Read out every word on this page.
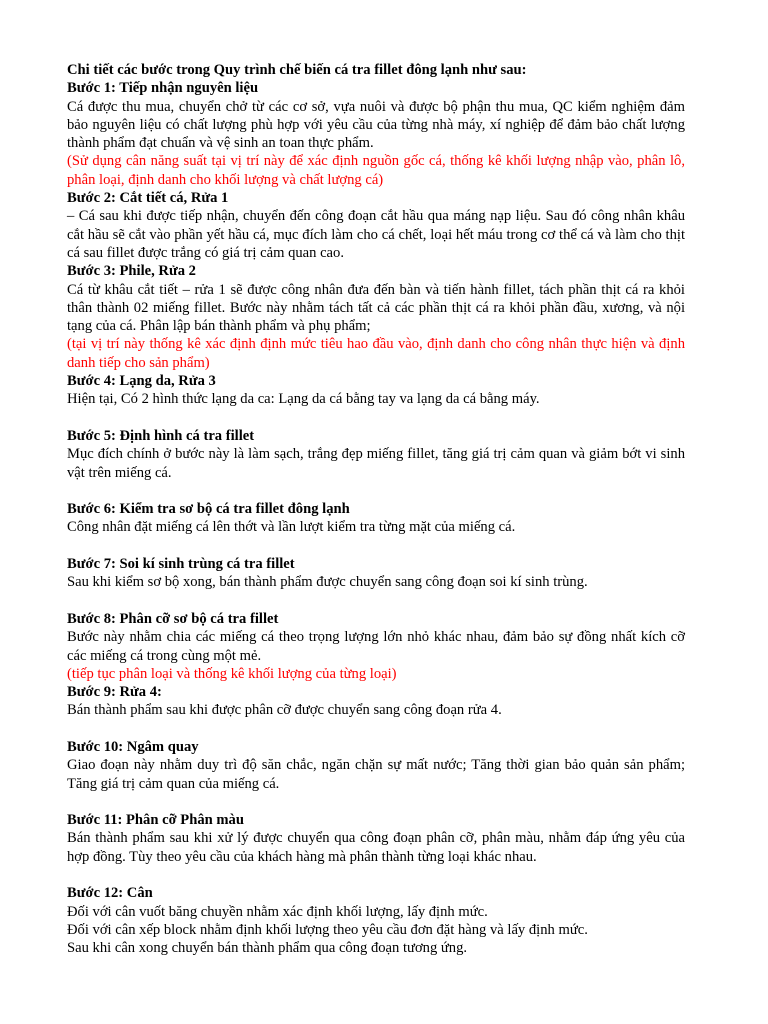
Chi tiết các bước trong Quy trình chế biến cá tra fillet đông lạnh như sau:

Bước 1: Tiếp nhận nguyên liệu

Cá được thu mua, chuyển chở từ các cơ sở, vựa nuôi và được bộ phận thu mua, QC kiểm nghiệm đảm bảo nguyên liệu có chất lượng phù hợp với yêu cầu của từng nhà máy, xí nghiệp để đảm bảo chất lượng thành phẩm đạt chuẩn và vệ sinh an toan thực phẩm.

(Sử dụng cân năng suất tại vị trí này để xác định nguồn gốc cá, thống kê khối lượng nhập vào, phân lô, phân loại, định danh cho khối lượng và chất lượng cá)

Bước 2: Cắt tiết cá, Rửa 1

– Cá sau khi được tiếp nhận, chuyển đến công đoạn cắt hầu qua máng nạp liệu. Sau đó công nhân khâu cắt hầu sẽ cắt vào phần yết hầu cá, mục đích làm cho cá chết, loại hết máu trong cơ thể cá và làm cho thịt cá sau fillet được trắng có giá trị cảm quan cao.

Bước 3: Phile, Rửa 2

Cá từ khâu cắt tiết – rửa 1 sẽ được công nhân đưa đến bàn và tiến hành fillet, tách phần thịt cá ra khỏi thân thành 02 miếng fillet. Bước này nhằm tách tất cả các phần thịt cá ra khỏi phần đầu, xương, và nội tạng của cá. Phân lập bán thành phẩm và phụ phẩm;

(tại vị trí này thống kê xác định định mức tiêu hao đầu vào, định danh cho công nhân thực hiện và định danh tiếp cho sản phẩm)

Bước 4: Lạng da, Rửa 3

Hiện tại, Có 2 hình thức lạng da ca: Lạng da cá bằng tay va lạng da cá bằng máy.

Bước 5: Định hình cá tra fillet

Mục đích chính ở bước này là làm sạch, trắng đẹp miếng fillet, tăng giá trị cảm quan và giảm bớt vi sinh vật trên miếng cá.

Bước 6: Kiểm tra sơ bộ cá tra fillet đông lạnh

Công nhân đặt miếng cá lên thớt và lần lượt kiểm tra từng mặt của miếng cá.

Bước 7: Soi kí sinh trùng cá tra fillet

Sau khi kiểm sơ bộ xong, bán thành phẩm được chuyển sang công đoạn soi kí sinh trùng.

Bước 8: Phân cỡ sơ bộ cá tra fillet

Bước này nhằm chia các miếng cá theo trọng lượng lớn nhỏ khác nhau, đảm bảo sự đồng nhất kích cỡ các miếng cá trong cùng một mẻ.

(tiếp tục phân loại và thống kê khối lượng của từng loại)

Bước 9: Rửa 4:

Bán thành phẩm sau khi được phân cỡ được chuyển sang công đoạn rửa 4.

Bước 10: Ngâm quay

Giao đoạn này nhằm duy trì độ săn chắc, ngăn chặn sự mất nước; Tăng thời gian bảo quản sản phẩm; Tăng giá trị cảm quan của miếng cá.

Bước 11: Phân cỡ Phân màu

Bán thành phẩm sau khi xử lý được chuyển qua công đoạn phân cỡ, phân màu, nhằm đáp ứng yêu của hợp đồng. Tùy theo yêu cầu của khách hàng mà phân thành từng loại khác nhau.

Bước 12: Cân

Đối với cân vuốt băng chuyền nhằm xác định khối lượng, lấy định mức.

Đối với cân xếp block nhằm định khối lượng theo yêu cầu đơn đặt hàng và lấy định mức.

Sau khi cân xong chuyển bán thành phẩm qua công đoạn tương ứng.
